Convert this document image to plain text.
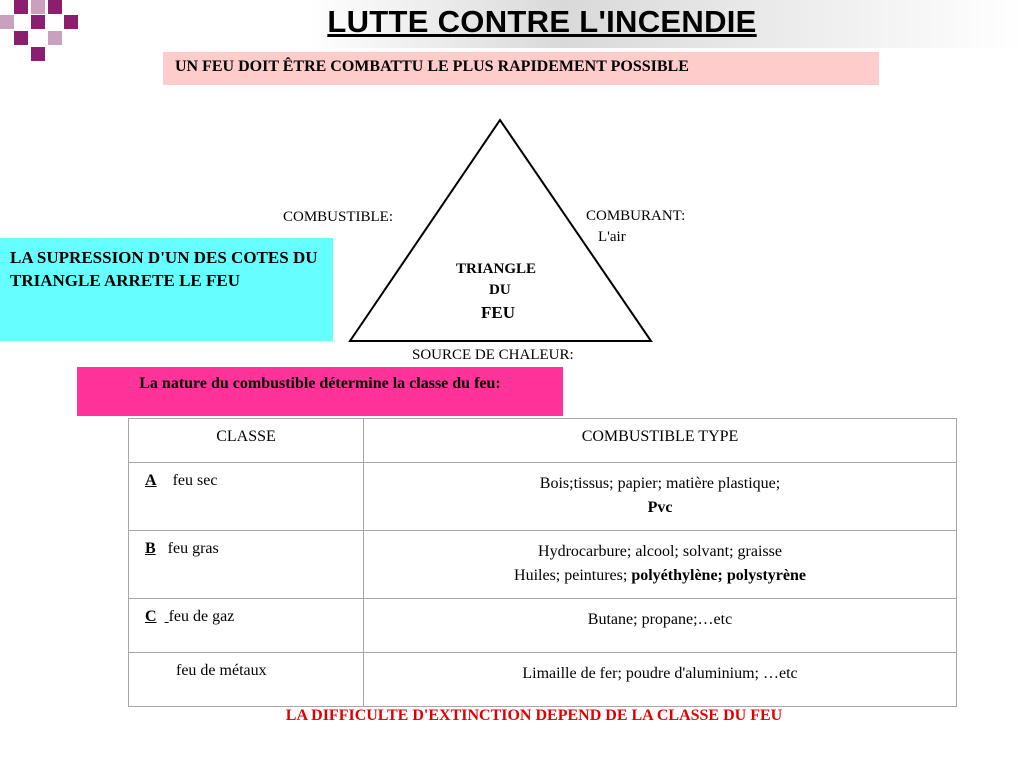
LUTTE CONTRE L'INCENDIE
UN FEU DOIT ÊTRE COMBATTU LE PLUS RAPIDEMENT POSSIBLE
TRIANGLE
DU
FEU
COMBUSTIBLE:	COMBURANT:
L'air
SOURCE DE CHALEUR:
LA SUPRESSION D'UN DES COTES DU TRIANGLE ARRETE LE FEU
La nature du combustible détermine la classe du feu:
CLASSE	COMBUSTIBLE TYPE
A feu sec	Bois;tissus; papier; matière plastique;
Pvc
B feu gras	Hydrocarbure; alcool; solvant; graisse
Huiles; peintures; polyéthylène; polystyrène
C feu de gaz	Butane; propane;…etc
feu de métaux	Limaille de fer; poudre d'aluminium; …etc
LA DIFFICULTE D'EXTINCTION DEPEND DE LA CLASSE DU FEU
